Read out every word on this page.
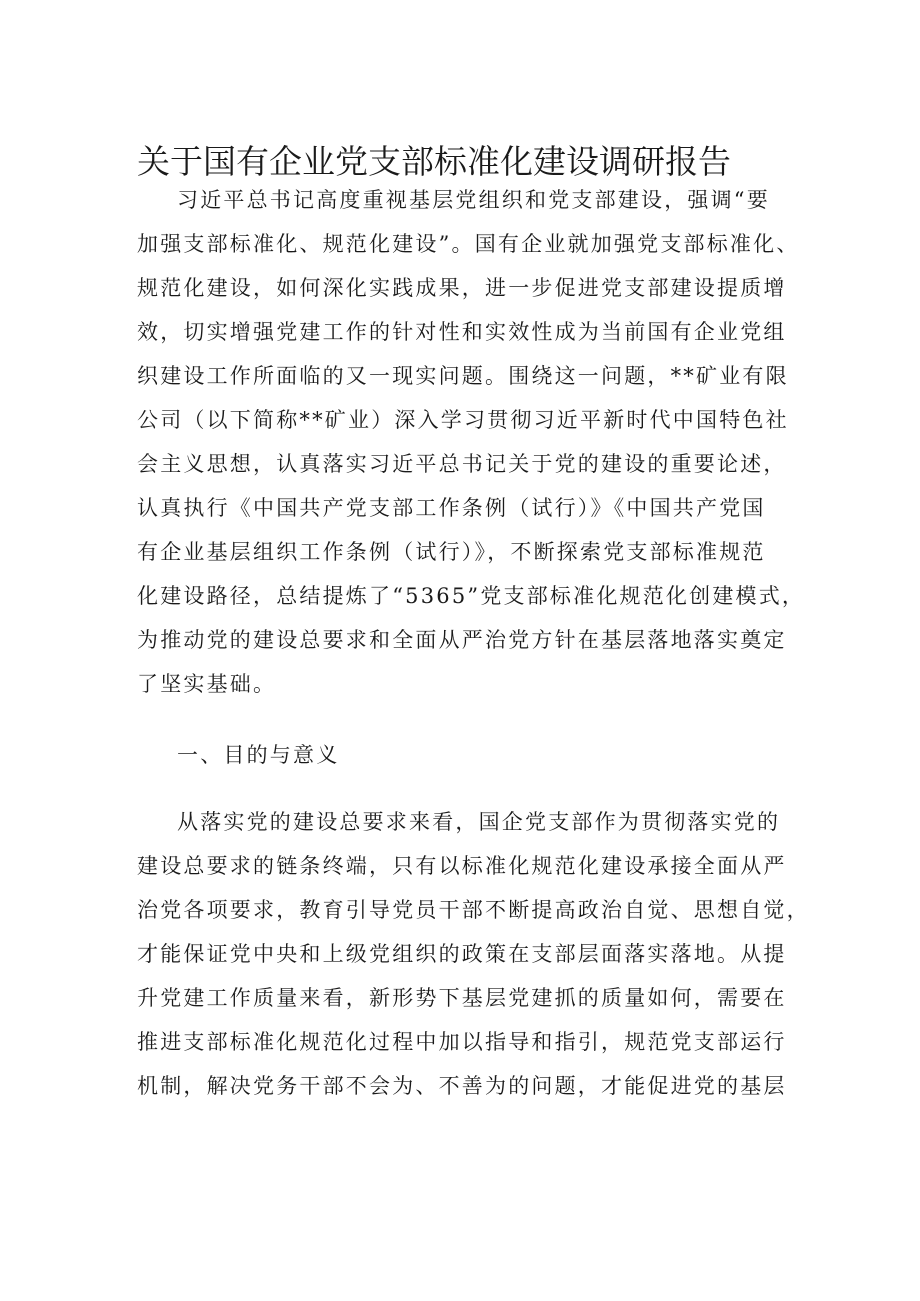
关于国有企业党支部标准化建设调研报告
习近平总书记高度重视基层党组织和党支部建设，强调“要
加强支部标准化、规范化建设”。国有企业就加强党支部标准化、
规范化建设，如何深化实践成果，进一步促进党支部建设提质增
效，切实增强党建工作的针对性和实效性成为当前国有企业党组
织建设工作所面临的又一现实问题。围绕这一问题，**矿业有限
公司（以下简称**矿业）深入学习贯彻习近平新时代中国特色社
会主义思想，认真落实习近平总书记关于党的建设的重要论述，
认真执行《中国共产党支部工作条例（试行）》《中国共产党国
有企业基层组织工作条例（试行）》，不断探索党支部标准规范
化建设路径，总结提炼了“5365”党支部标准化规范化创建模式，
为推动党的建设总要求和全面从严治党方针在基层落地落实奠定
了坚实基础。
一、目的与意义
从落实党的建设总要求来看，国企党支部作为贯彻落实党的
建设总要求的链条终端，只有以标准化规范化建设承接全面从严
治党各项要求，教育引导党员干部不断提高政治自觉、思想自觉，
才能保证党中央和上级党组织的政策在支部层面落实落地。从提
升党建工作质量来看，新形势下基层党建抓的质量如何，需要在
推进支部标准化规范化过程中加以指导和指引，规范党支部运行
机制，解决党务干部不会为、不善为的问题，才能促进党的基层
